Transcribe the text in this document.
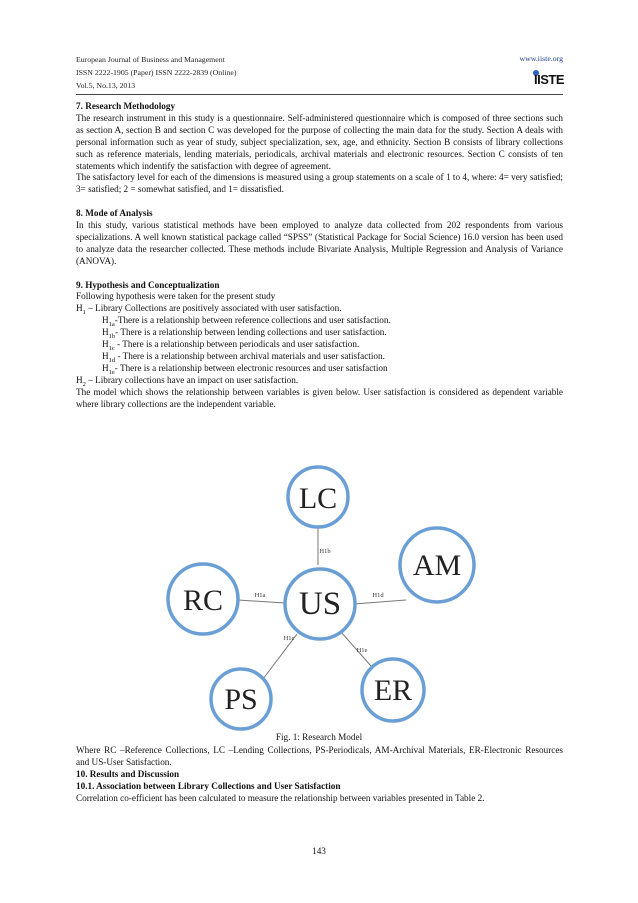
European Journal of Business and Management
ISSN 2222-1905 (Paper) ISSN 2222-2839 (Online)
Vol.5, No.13, 2013
www.iiste.org
IISTE

7. Research Methodology

The research instrument in this study is a questionnaire. Self-administered questionnaire which is composed of three sections such as section A, section B and section C was developed for the purpose of collecting the main data for the study. Section A deals with personal information such as year of study, subject specialization, sex, age, and ethnicity. Section B consists of library collections such as reference materials, lending materials, periodicals, archival materials and electronic resources. Section C consists of ten statements which indentify the satisfaction with degree of agreement.

The satisfactory level for each of the dimensions is measured using a group statements on a scale of 1 to 4, where: 4= very satisfied; 3= satisfied; 2 = somewhat satisfied, and 1= dissatisfied.

8. Mode of Analysis

In this study, various statistical methods have been employed to analyze data collected from 202 respondents from various specializations. A well known statistical package called “SPSS” (Statistical Package for Social Science) 16.0 version has been used to analyze data the researcher collected. These methods include Bivariate Analysis, Multiple Regression and Analysis of Variance (ANOVA).

9. Hypothesis and Conceptualization

Following hypothesis were taken for the present study

$H_1$ – Library Collections are positively associated with user satisfaction.

$H_{1a}$-There is a relationship between reference collections and user satisfaction.

$H_{1b}-$ There is a relationship between lending collections and user satisfaction.

$H_{1c}$ - There is a relationship between periodicals and user satisfaction.

$H_{1d}$ - There is a relationship between archival materials and user satisfaction.

$H_{1e}-$ There is a relationship between electronic resources and user satisfaction

$H_2$ – Library collections have an impact on user satisfaction.

The model which shows the relationship between variables is given below. User satisfaction is considered as dependent variable where library collections are the independent variable.

US
LC
RC
AM
PS	ER
H1b
H1a	H1d
H1c
H1e
Fig. 1: Research Model

Where RC –Reference Collections, LC –Lending Collections, PS-Periodicals, AM-Archival Materials, ER-Electronic Resources and US-User Satisfaction.

10. Results and Discussion

10.1. Association between Library Collections and User Satisfaction

Correlation co-efficient has been calculated to measure the relationship between variables presented in Table 2.

143
